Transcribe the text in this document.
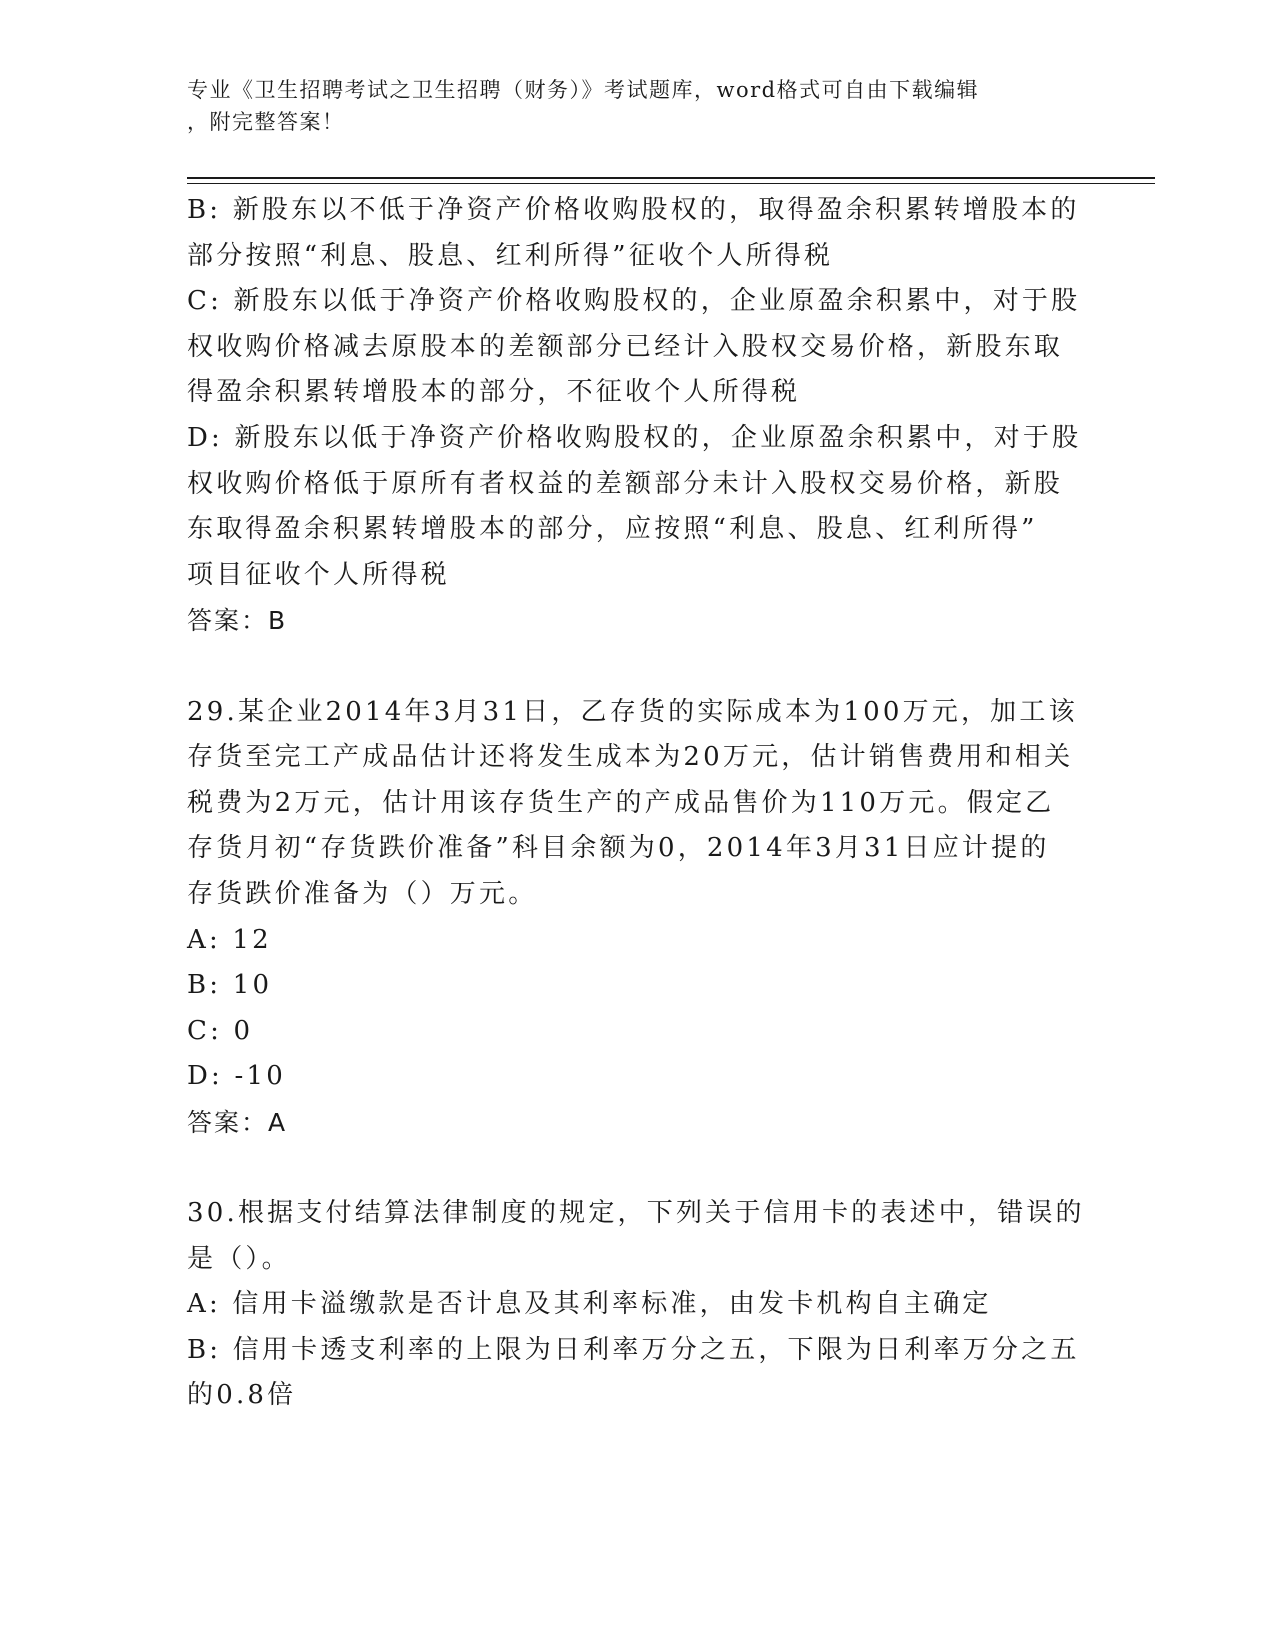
专业《卫生招聘考试之卫生招聘（财务）》考试题库，word格式可自由下载编辑
，附完整答案！
B: 新股东以不低于净资产价格收购股权的，取得盈余积累转增股本的
部分按照“利息、股息、红利所得”征收个人所得税
C: 新股东以低于净资产价格收购股权的，企业原盈余积累中，对于股
权收购价格减去原股本的差额部分已经计入股权交易价格，新股东取
得盈余积累转增股本的部分，不征收个人所得税
D: 新股东以低于净资产价格收购股权的，企业原盈余积累中，对于股
权收购价格低于原所有者权益的差额部分未计入股权交易价格，新股
东取得盈余积累转增股本的部分，应按照“利息、股息、红利所得”
项目征收个人所得税
答案：B
29.某企业2014年3月31日，乙存货的实际成本为100万元，加工该
存货至完工产成品估计还将发生成本为20万元，估计销售费用和相关
税费为2万元，估计用该存货生产的产成品售价为110万元。假定乙
存货月初“存货跌价准备”科目余额为0，2014年3月31日应计提的
存货跌价准备为（）万元。
A: 12
B: 10
C: 0
D: -10
答案：A
30.根据支付结算法律制度的规定，下列关于信用卡的表述中，错误的
是（）。
A: 信用卡溢缴款是否计息及其利率标准，由发卡机构自主确定
B: 信用卡透支利率的上限为日利率万分之五，下限为日利率万分之五
的0.8倍
